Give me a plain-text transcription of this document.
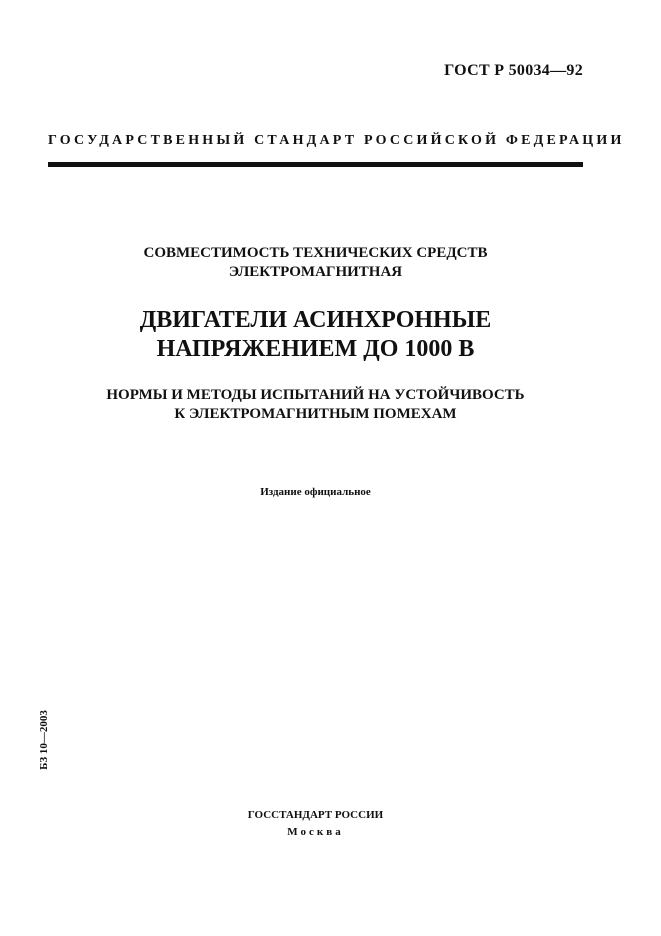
ГОСТ Р 50034—92
ГОСУДАРСТВЕННЫЙ СТАНДАРТ РОССИЙСКОЙ ФЕДЕРАЦИИ
СОВМЕСТИМОСТЬ ТЕХНИЧЕСКИХ СРЕДСТВ
ЭЛЕКТРОМАГНИТНАЯ
ДВИГАТЕЛИ АСИНХРОННЫЕ
НАПРЯЖЕНИЕМ ДО 1000 В
НОРМЫ И МЕТОДЫ ИСПЫТАНИЙ НА УСТОЙЧИВОСТЬ
К ЭЛЕКТРОМАГНИТНЫМ ПОМЕХАМ
Издание официальное
БЗ 10—2003
ГОССТАНДАРТ РОССИИ
Москва
